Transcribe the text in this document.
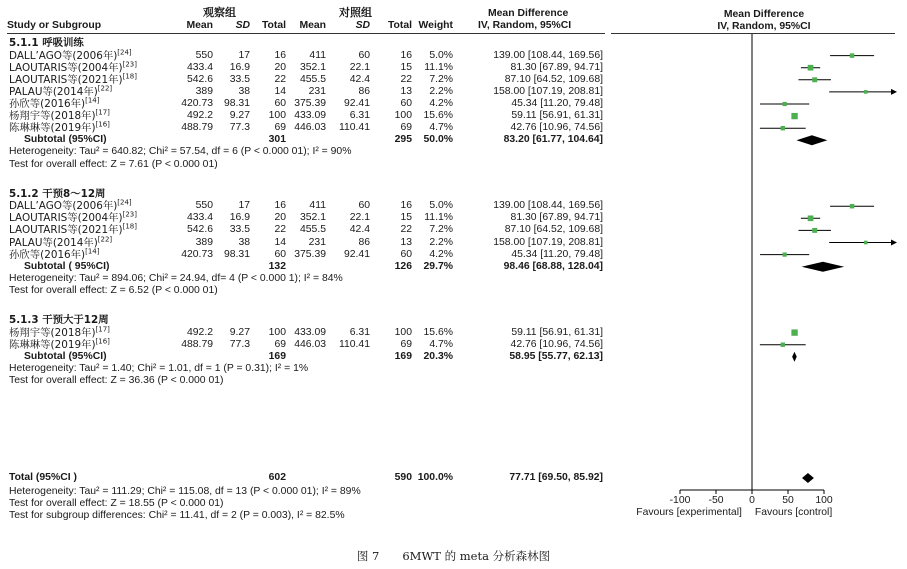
观察组	对照组	Mean Difference
Study or Subgroup	Mean SD Total Mean	SD Total Weight IV, Random, 95%CI
5.1.1 呼吸训练
DALL’AGO等(2006年)[24]	550 17 16 411	60	16 5.0%	139.00 [108.44, 169.56]
LAOUTARIS等(2004年)[23]	433.4 16.9 20 352.1 22.1	15 11.1%	81.30 [67.89, 94.71]
LAOUTARIS等(2021年)[18]	542.6 33.5 22 455.5 42.4	22 7.2%	87.10 [64.52, 109.68]
PALAU等(2014年)[22]	389 38 14 231	86	13 2.2%	158.00 [107.19, 208.81]
孙欣等(2016年)[14]	420.73 98.31 60 375.39 92.41	60 4.2%	45.34 [11.20, 79.48]
杨翔宇等(2018年)[17]	492.2 9.27 100 433.09 6.31 100 15.6%	59.11 [56.91, 61.31]
陈琳琳等(2019年)[16]	488.79 77.3 69 446.03 110.41	69 4.7%	42.76 [10.96, 74.56]
Subtotal (95%CI)	301	295 50.0%	83.20 [61.77, 104.64]
Heterogeneity: Tau² = 640.82; Chi² = 57.54, df = 6 (P < 0.000 01); I² = 90%
Test for overall effect: Z = 7.61 (P < 0.000 01)
5.1.2 干预8～12周
DALL’AGO等(2006年)[24]	550 17 16 411	60	16 5.0%	139.00 [108.44, 169.56]
LAOUTARIS等(2004年)[23]	433.4 16.9 20 352.1 22.1	15 11.1%	81.30 [67.89, 94.71]
LAOUTARIS等(2021年)[18]	542.6 33.5 22 455.5 42.4	22 7.2%	87.10 [64.52, 109.68]
PALAU等(2014年)[22]	389 38 14 231	86	13 2.2%	158.00 [107.19, 208.81]
孙欣等(2016年)[14]	420.73 98.31 60 375.39 92.41	60 4.2%	45.34 [11.20, 79.48]
Subtotal ( 95%CI)	132	126 29.7%	98.46 [68.88, 128.04]
Heterogeneity: Tau² = 894.06; Chi² = 24.94, df= 4 (P < 0.000 1); I² = 84%
Test for overall effect: Z = 6.52 (P < 0.000 01)
5.1.3 干预大于12周
杨翔宇等(2018年)[17]	492.2 9.27 100 433.09 6.31 100 15.6%	59.11 [56.91, 61.31]
陈琳琳等(2019年)[16]	488.79 77.3 69 446.03 110.41	69 4.7%	42.76 [10.96, 74.56]
Subtotal (95%CI)	169	169 20.3%	58.95 [55.77, 62.13]
Heterogeneity: Tau² = 1.40; Chi² = 1.01, df = 1 (P = 0.31); I² = 1%
Test for overall effect: Z = 36.36 (P < 0.000 01)
Total (95%CI )	602	590 100.0%	77.71 [69.50, 85.92]
Heterogeneity: Tau² = 111.29; Chi² = 115.08, df = 13 (P < 0.000 01); I² = 89%
Test for overall effect: Z = 18.55 (P < 0.000 01)
Test for subgroup differences: Chi² = 11.41, df = 2 (P = 0.003), I² = 82.5%
Mean Difference
IV, Random, 95%CI
-100 -50 0	50 100
Favours [experimental] Favours [control]
图 7　　6MWT 的 meta 分析森林图
